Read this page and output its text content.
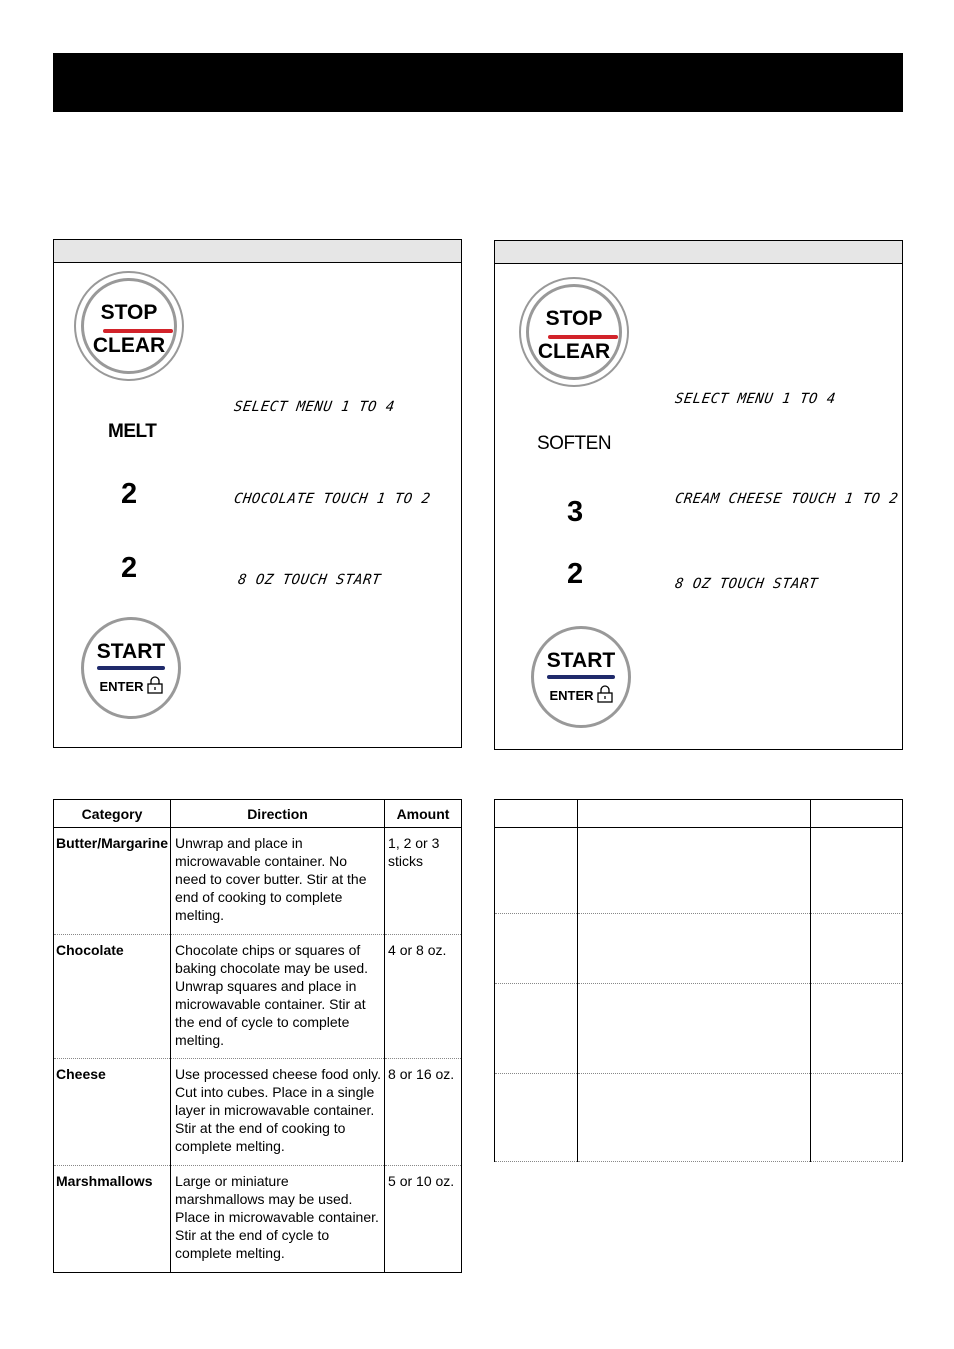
STOP
CLEAR
MELT
2
2
START
ENTER
SELECT MENU 1 TO 4
CHOCOLATE TOUCH 1 TO 2
8 OZ TOUCH START
STOP
CLEAR
SOFTEN
3
2
START
ENTER
SELECT MENU 1 TO 4
CREAM CHEESE TOUCH 1 TO 2
8 OZ TOUCH START
Category	Direction	Amount
Butter/Margarine	Unwrap and place in microwavable container. No need to cover butter. Stir at the end of cooking to complete melting.	1, 2 or 3 sticks
Chocolate	Chocolate chips or squares of baking chocolate may be used. Unwrap squares and place in microwavable container. Stir at the end of cycle to complete melting.	4 or 8 oz.
Cheese	Use processed cheese food only. Cut into cubes. Place in a single layer in microwavable container. Stir at the end of cooking to complete melting.	8 or 16 oz.
Marshmallows	Large or miniature marshmallows may be used. Place in microwavable container. Stir at the end of cycle to complete melting.	5 or 10 oz.
